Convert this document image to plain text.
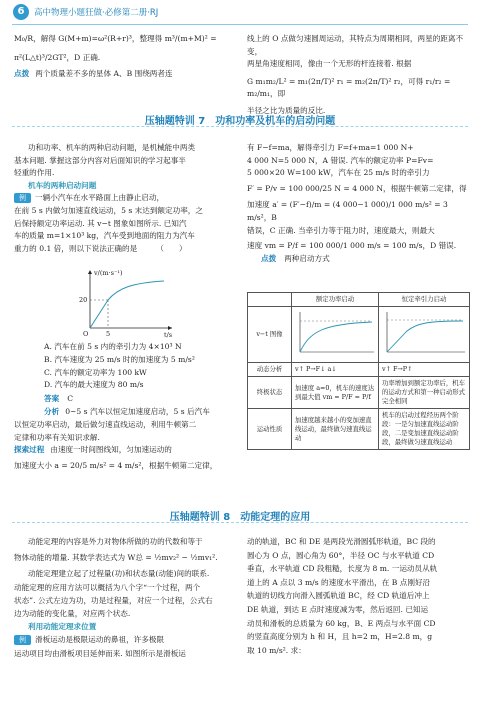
6	高中物理小题狂做·必修第二册·RJ

M₀/R，解得 G(M+m)=ω²(R+r)³，整理得 m³/(m+M)² =

π²(L△t)³/2GT²，D 正确.

点拨 两个质量差不多的星体 A、B 围绕两者连

线上的 O 点做匀速圆周运动，其特点为周期相同，两星的距离不变，

两星角速度相同，像由一个无形的杆连接着. 根据

G m₁m₂/L² = m₁(2π/T)² r₁ = m₂(2π/T)² r₂，可得 r₁/r₂ = m₂/m₁，即

半径之比为质量的反比.

压轴题特训 7　功和功率及机车的启动问题

功和功率、机车的两种启动问题，是机械能中两类

基本问题. 掌握这部分内容对后面知识的学习起事半

轻重的作用.

机车的两种启动问题

例 一辆小汽车在水平路面上由静止启动，

在前 5 s 内做匀加速直线运动，5 s 末达到额定功率，之

后保持额定功率运动. 其 v−t 图象如图所示. 已知汽

车的质量 m=1×10³ kg，汽车受到地面的阻力为汽车

重力的 0.1 倍，则以下说法正确的是　　　（　　）

v/(m·s⁻¹)
t/s
20
5
O

A. 汽车在前 5 s 内的牵引力为 4×10³ N

B. 汽车速度为 25 m/s 时的加速度为 5 m/s²

C. 汽车的额定功率为 100 kW

D. 汽车的最大速度为 80 m/s

答案 C

分析 0~5 s 汽车以恒定加速度启动，5 s 后汽车

以恒定功率启动，最后做匀速直线运动，利用牛顿第二

定律和功率有关知识求解.

探索过程 由速度一时间图线知，匀加速运动的

加速度大小 a = 20/5 m/s² = 4 m/s²，根据牛顿第二定律，

有 F−f=ma，解得牵引力 F=f+ma=1 000 N+

4 000 N=5 000 N，A 错误. 汽车的额定功率 P=Fv=

5 000×20 W=100 kW，汽车在 25 m/s 时的牵引力

F′ = P/v = 100 000/25 N = 4 000 N，根据牛顿第二定律，得

加速度 a′ = (F′−f)/m = (4 000−1 000)/1 000 m/s² = 3 m/s²，B

错误，C 正确. 当牵引力等于阻力时，速度最大，则最大

速度 vm = P/f = 100 000/1 000 m/s = 100 m/s，D 错误.

点拨 两种启动方式

	额定功率启动	恒定牵引力启动
v−t 图像		
动态分析	v↑ P→F↓ a↓	v↑ F→P↑
终极状态	加速度 a=0，机车的速度达到最大值 vm = P/F = P/f	功率增加到额定功率后，机车的运动方式和第一种启动形式完全相同
运动性质	加速度越来越小的变加速直线运动，最终做匀速直线运动	机车的启动过程经历两个阶段：一是匀加速直线运动阶段，二是变加速直线运动阶段，最终做匀速直线运动
压轴题特训 8　动能定理的应用

动能定理的内容是外力对物体所做的功的代数和等于

物体动能的增量. 其数学表达式为 W总 = ½mv₂² − ½mv₁².

动能定理建立起了过程量(功)和状态量(动能)间的联系.

动能定理的应用方法可以概括为八个字“一个过程，两个

状态”. 公式左边为功，功是过程量，对应一个过程，公式右

边为动能的变化量，对应两个状态.

利用动能定理求位置

例 滑板运动是极限运动的鼻祖，许多极限

运动项目均由滑板项目延伸而来. 如图所示是滑板运

动的轨道，BC 和 DE 是两段光滑圆弧形轨道，BC 段的

圆心为 O 点，圆心角为 60°，半径 OC 与水平轨道 CD

垂直，水平轨道 CD 段粗糙，长度为 8 m. 一运动员从轨

道上的 A 点以 3 m/s 的速度水平滑出，在 B 点刚好沿

轨道的切线方向滑入圆弧轨道 BC，经 CD 轨道后冲上

DE 轨道，到达 E 点时速度减为零，然后返回. 已知运

动员和滑板的总质量为 60 kg，B、E 两点与水平面 CD

的竖直高度分别为 h 和 H，且 h=2 m，H=2.8 m，g

取 10 m/s². 求：
